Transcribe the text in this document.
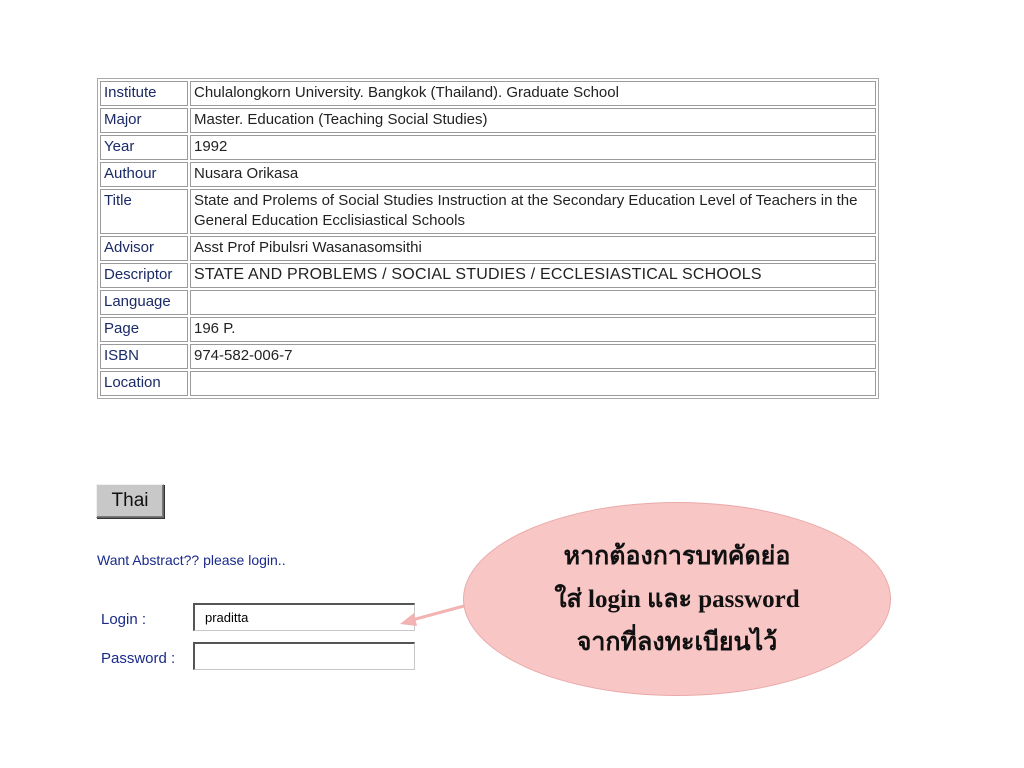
Institute	Chulalongkorn University. Bangkok (Thailand). Graduate School
Major	Master. Education (Teaching Social Studies)
Year	1992
Authour	Nusara Orikasa
Title	State and Prolems of Social Studies Instruction at the Secondary Education Level of Teachers in the General Education Ecclisiastical Schools
Advisor	Asst Prof Pibulsri Wasanasomsithi
Descriptor	STATE AND PROBLEMS / SOCIAL STUDIES / ECCLESIASTICAL SCHOOLS
Language	
Page	196 P.
ISBN	974-582-006-7
Location	
Thai
Want Abstract?? please login..
Login :
praditta
Password :
หากต้องการบทคัดย่อ
ใส่ login และ password
จากที่ลงทะเบียนไว้
